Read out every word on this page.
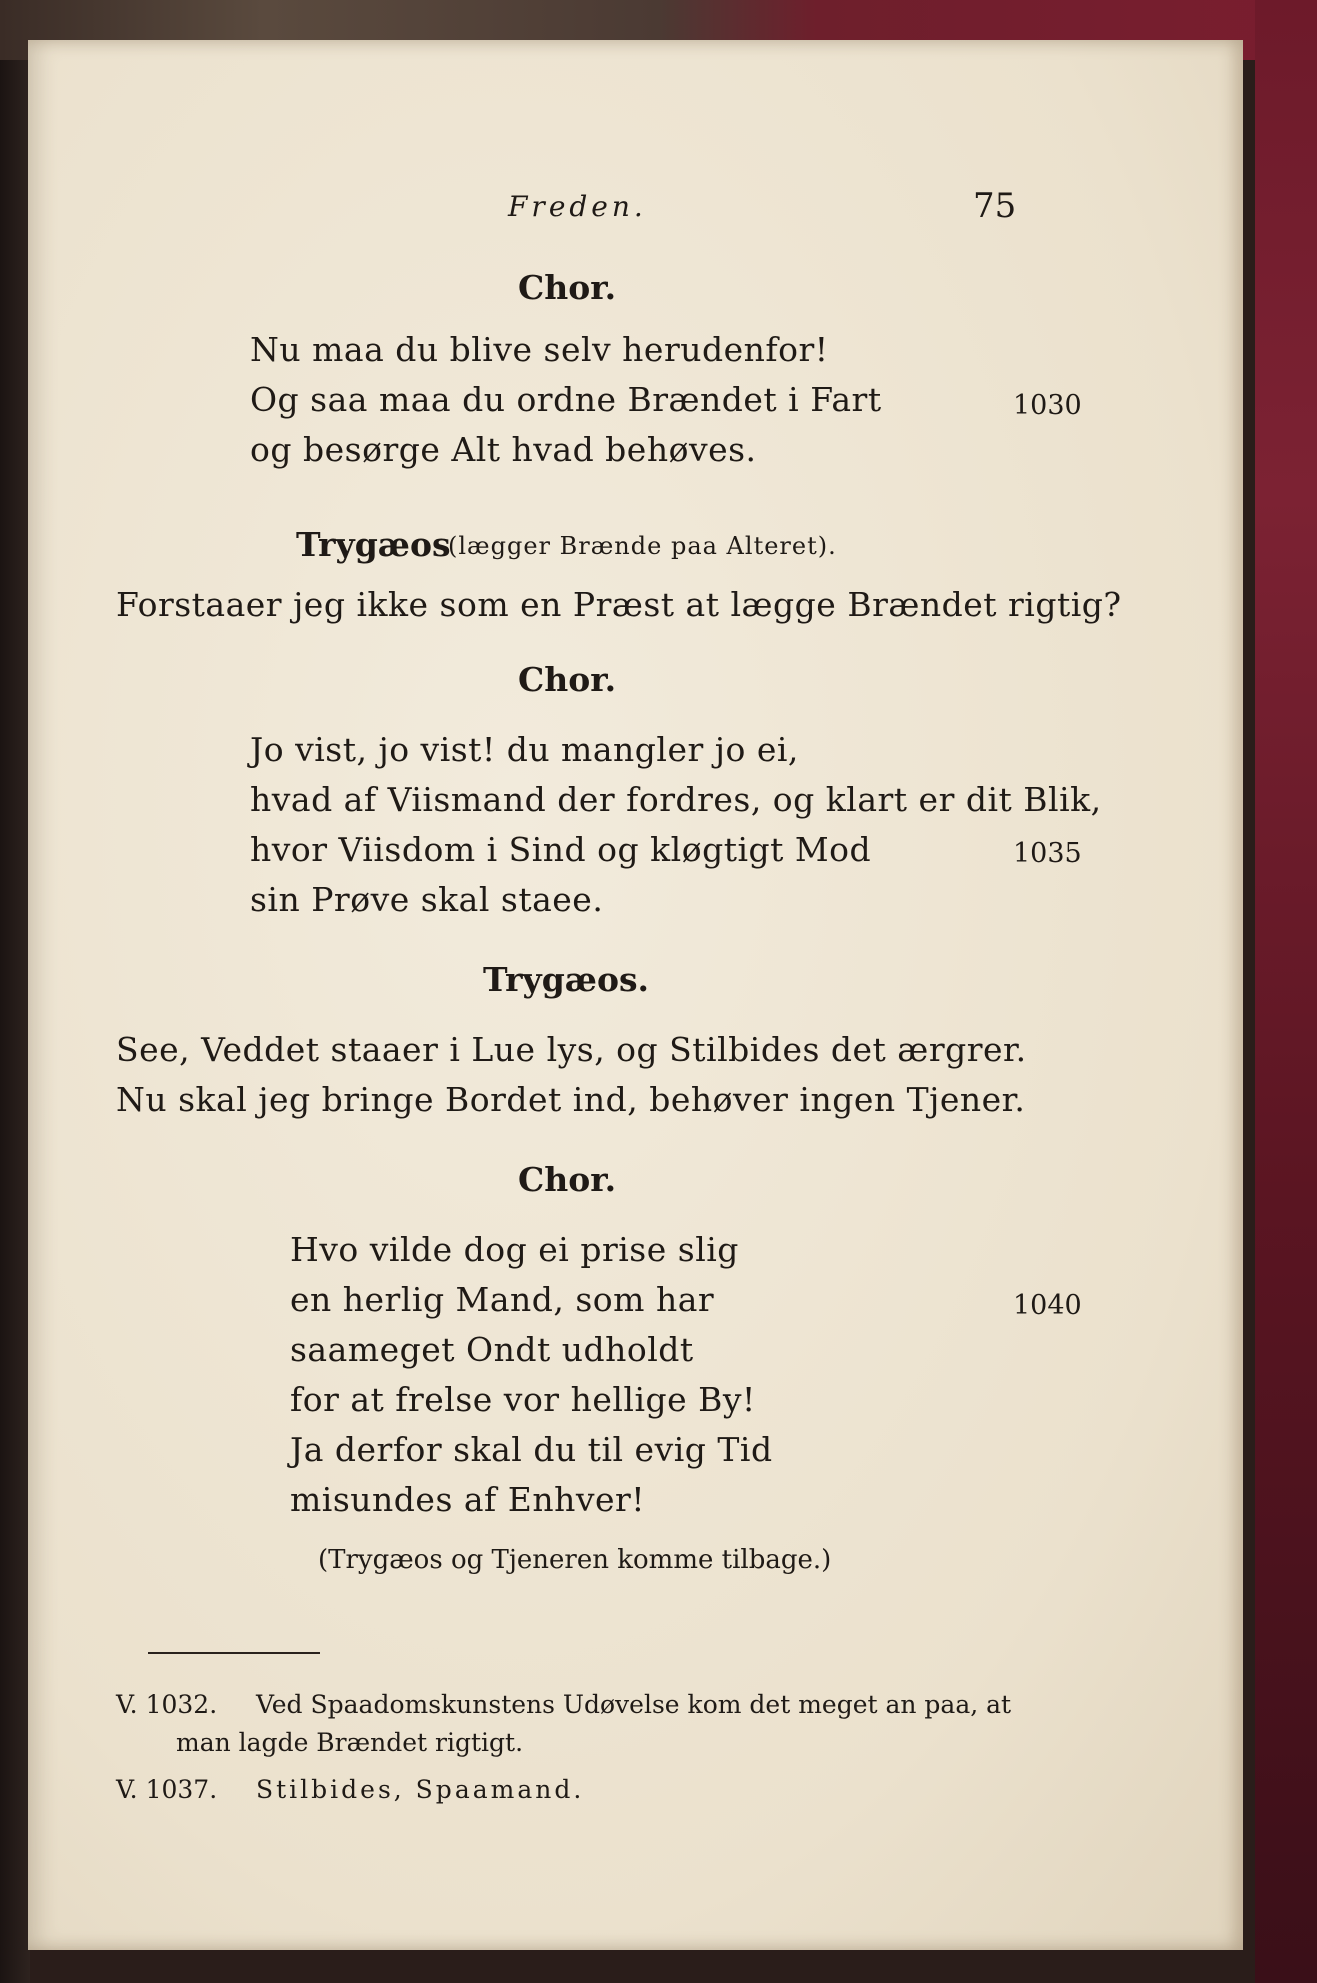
Freden.	75
Chor.
Nu maa du blive selv herudenfor!
Og saa maa du ordne Brændet i Fart	1030
og besørge Alt hvad behøves.
Trygæos
(lægger Brænde paa Alteret).
Forstaaer jeg ikke som en Præst at lægge Brændet rigtig?
Chor.
Jo vist, jo vist! du mangler jo ei,
hvad af Viismand der fordres, og klart er dit Blik,
hvor Viisdom i Sind og kløgtigt Mod	1035
sin Prøve skal staee.
Trygæos.
See, Veddet staaer i Lue lys, og Stilbides det ærgrer.
Nu skal jeg bringe Bordet ind, behøver ingen Tjener.
Chor.
Hvo vilde dog ei prise slig
en herlig Mand, som har	1040
saameget Ondt udholdt
for at frelse vor hellige By!
Ja derfor skal du til evig Tid
misundes af Enhver!
(Trygæos og Tjeneren komme tilbage.)
V. 1032. Ved Spaadomskunstens Udøvelse kom det meget an paa, at
man lagde Brændet rigtigt.
V. 1037. Stilbides, Spaamand.
